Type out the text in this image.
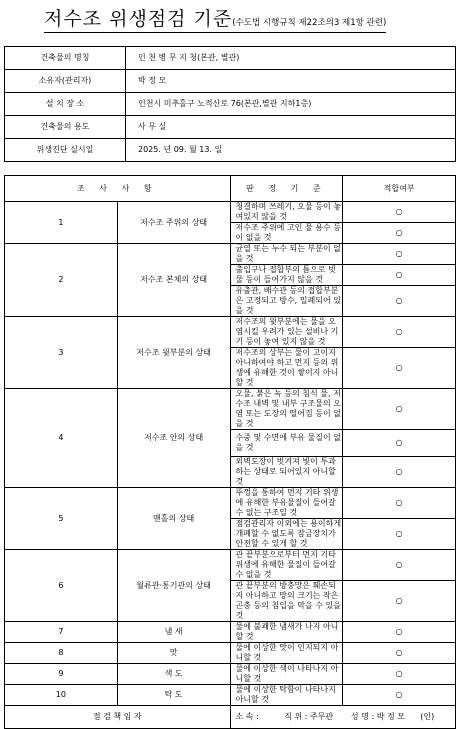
저수조 위생점검 기준(수도법 시행규칙 제22조의3 제1항 관련)
건축물의 명칭	인 천 병 무 지 청(본관, 별관)
소유자(관리자)	박 정 모
설 치 장 소	인천시 미추홀구 노적산로 76(본관,별관 지하1층)
건축물의 용도	사 무 실
위생진단 실시일	2025. 년 09. 월 13. 일
조 사 사 항		판 정 기 준	적합여부
1	저수조 주위의 상태	청결하며 쓰레기, 오물 등이 놓여있지 않을 것	○
		저수조 주위에 고인 물 용수 등이 없을 것	○
2	저수조 본체의 상태	균열 또는 누수 되는 부분이 없을 것	○
		출입구나 접합부의 틈으로 빗물 등이 들어가지 않을 것	○
		유출관, 배수관 등의 접합부분은 고정되고 방수, 밀폐되어 있을 것	○
3	저수조 윗부분의 상태	저수조의 윗부분에는 물을 오염시킬 우려가 있는 설비나 기기 등이 놓여 있지 않을 것	○
		저수조의 상부는 물이 고이지 아니하여야 하고 먼지 등의 위생에 유해한 것이 쌓이지 아니할 것	○
4	저수조 안의 상태	오물, 붉은 녹 등의 침식 물, 저수조 내벽 및 내부 구조물의 오염 또는 도장의 떨어짐 등이 없을 것	○
		수중 및 수면에 부유 물질이 없을 것	○
		외벽도장이 벗겨져 빛이 투과하는 상태로 되어있지 아니할 것	○
5	맨홀의 상태	뚜껑을 통하여 먼지 기타 위생에 유해한 부유물질이 들어갈 수 없는 구조일 것	○
		점검관리자 이외에는 용이하게 개폐할 수 없도록 잠금장치가 안전할 수 있게 할 것	○
6	월류관·통기관의 상태	관 끝부분으로부터 먼지 기타 위생에 유해한 물질이 들어갈 수 없을 것	○
		관 끝부분의 방충망은 훼손되지 아니하고 망의 크기는 작은 곤충 등의 침입을 막을 수 있을 것	○
7	냄 새	물에 불쾌한 냄새가 나지 아니할 것	○
8	맛	물에 이상한 맛이 인지되지 아니할 것	○
9	색 도	물에 이상한 색이 나타나지 아니할 것	○
10	탁 도	물에 이상한 탁함이 나타나지 아니할 것	○
점 검 책 임 자		소 속 :          직 위 : 주무관       성 명 : 박 정 모      (인)	
